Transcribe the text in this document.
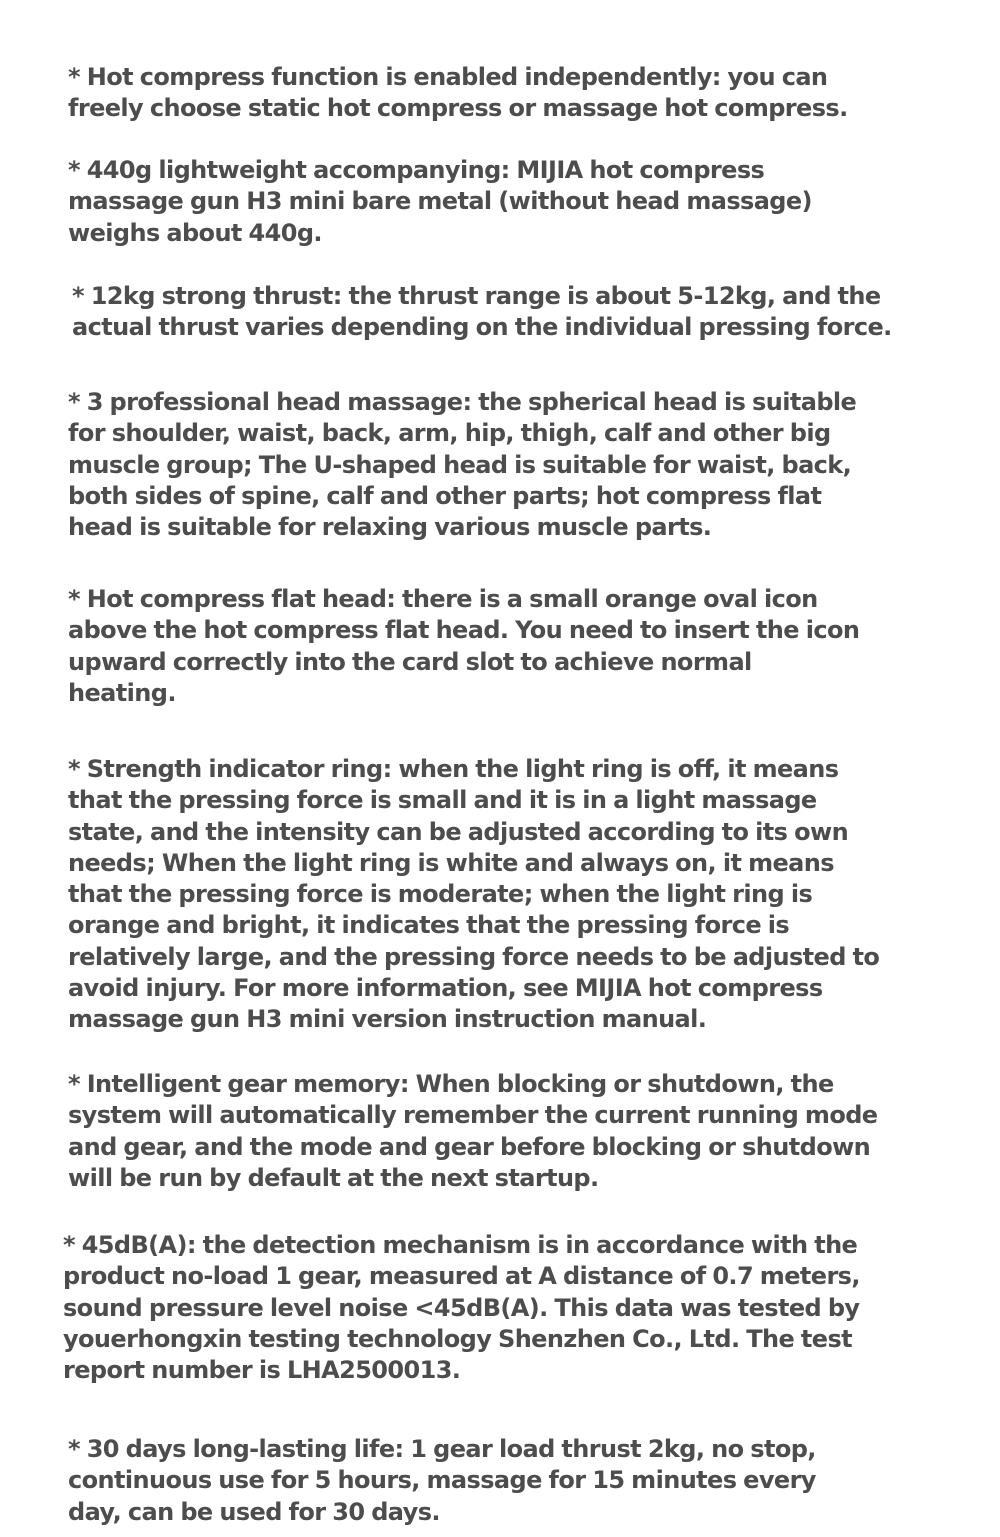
* Hot compress function is enabled independently: you can
freely choose static hot compress or massage hot compress.

* 440g lightweight accompanying: MIJIA hot compress
massage gun H3 mini bare metal (without head massage)
weighs about 440g.

* 12kg strong thrust: the thrust range is about 5-12kg, and the
actual thrust varies depending on the individual pressing force.

* 3 professional head massage: the spherical head is suitable
for shoulder, waist, back, arm, hip, thigh, calf and other big
muscle group; The U-shaped head is suitable for waist, back,
both sides of spine, calf and other parts; hot compress flat
head is suitable for relaxing various muscle parts.

* Hot compress flat head: there is a small orange oval icon
above the hot compress flat head. You need to insert the icon
upward correctly into the card slot to achieve normal
heating.

* Strength indicator ring: when the light ring is off, it means
that the pressing force is small and it is in a light massage
state, and the intensity can be adjusted according to its own
needs; When the light ring is white and always on, it means
that the pressing force is moderate; when the light ring is
orange and bright, it indicates that the pressing force is
relatively large, and the pressing force needs to be adjusted to
avoid injury. For more information, see MIJIA hot compress
massage gun H3 mini version instruction manual.

* Intelligent gear memory: When blocking or shutdown, the
system will automatically remember the current running mode
and gear, and the mode and gear before blocking or shutdown
will be run by default at the next startup.

* 45dB(A): the detection mechanism is in accordance with the
product no-load 1 gear, measured at A distance of 0.7 meters,
sound pressure level noise <45dB(A). This data was tested by
youerhongxin testing technology Shenzhen Co., Ltd. The test
report number is LHA2500013.

* 30 days long-lasting life: 1 gear load thrust 2kg, no stop,
continuous use for 5 hours, massage for 15 minutes every
day, can be used for 30 days.
